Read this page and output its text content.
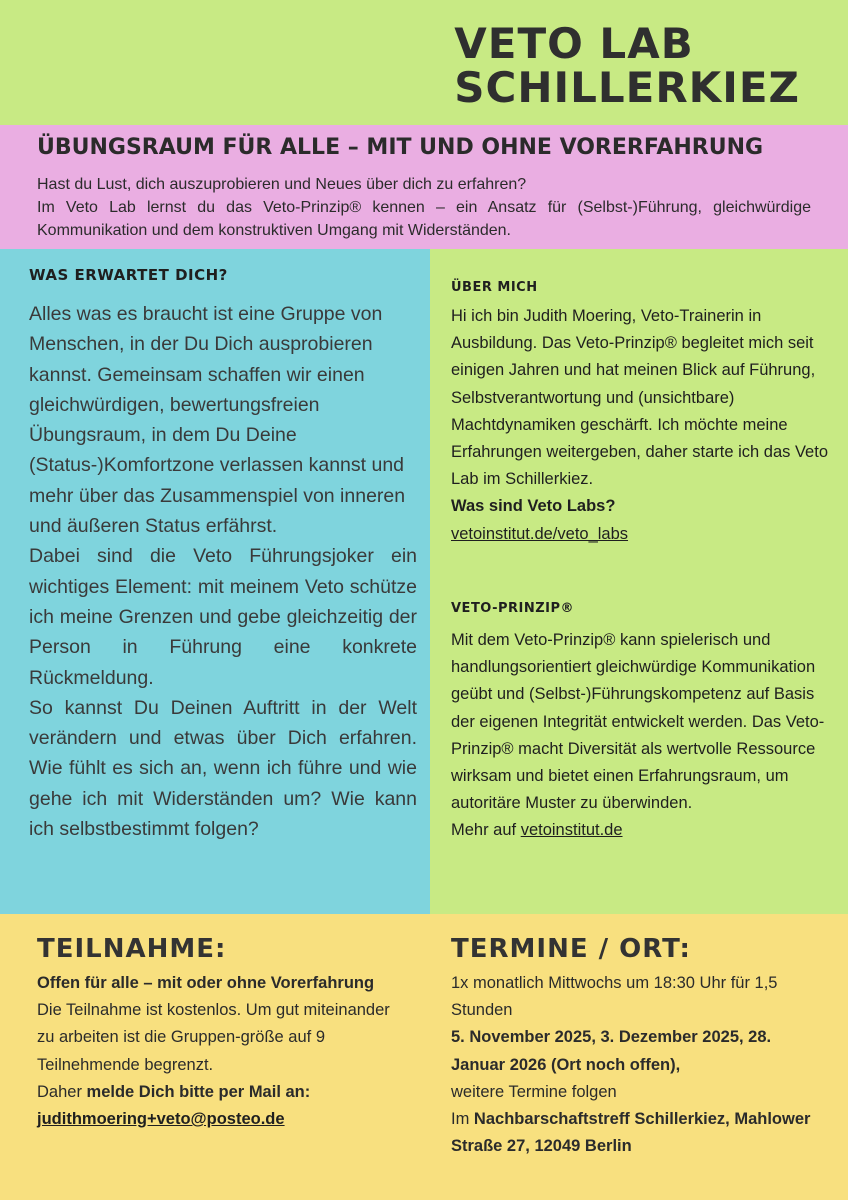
VETO LAB
SCHILLERKIEZ
ÜBUNGSRAUM FÜR ALLE – MIT UND OHNE VORERFAHRUNG

Hast du Lust, dich auszuprobieren und Neues über dich zu erfahren?

Im Veto Lab lernst du das Veto-Prinzip® kennen – ein Ansatz für (Selbst-)Führung, gleichwürdige Kommunikation und dem konstruktiven Umgang mit Widerständen.

WAS ERWARTET DICH?

Alles was es braucht ist eine Gruppe von Menschen, in der Du Dich ausprobieren kannst. Gemeinsam schaffen wir einen gleichwürdigen, bewertungsfreien Übungsraum, in dem Du Deine (Status-)Komfortzone verlassen kannst und mehr über das Zusammenspiel von inneren und äußeren Status erfährst.

Dabei sind die Veto Führungsjoker ein wichtiges Element: mit meinem Veto schütze ich meine Grenzen und gebe gleichzeitig der Person in Führung eine konkrete Rückmeldung.

So kannst Du Deinen Auftritt in der Welt verändern und etwas über Dich erfahren. Wie fühlt es sich an, wenn ich führe und wie gehe ich mit Widerständen um? Wie kann ich selbstbestimmt folgen?

ÜBER MICH

Hi ich bin Judith Moering, Veto-Trainerin in Ausbildung. Das Veto-Prinzip® begleitet mich seit einigen Jahren und hat meinen Blick auf Führung, Selbstverantwortung und (unsichtbare) Machtdynamiken geschärft. Ich möchte meine Erfahrungen weitergeben, daher starte ich das Veto Lab im Schillerkiez.

Was sind Veto Labs?

vetoinstitut.de/veto_labs

VETO-PRINZIP®

Mit dem Veto-Prinzip® kann spielerisch und handlungsorientiert gleichwürdige Kommunikation geübt und (Selbst-)Führungskompetenz auf Basis der eigenen Integrität entwickelt werden. Das Veto-Prinzip® macht Diversität als wertvolle Ressource wirksam und bietet einen Erfahrungsraum, um autoritäre Muster zu überwinden.

Mehr auf vetoinstitut.de

TEILNAHME:

Offen für alle – mit oder ohne Vorerfahrung

Die Teilnahme ist kostenlos. Um gut miteinander zu arbeiten ist die Gruppen-größe auf 9 Teilnehmende begrenzt.

Daher melde Dich bitte per Mail an:

judithmoering+veto@posteo.de

TERMINE / ORT:

1x monatlich Mittwochs um 18:30 Uhr für 1,5 Stunden

5. November 2025, 3. Dezember 2025, 28. Januar 2026 (Ort noch offen),

weitere Termine folgen

Im Nachbarschaftstreff Schillerkiez, Mahlower Straße 27, 12049 Berlin
